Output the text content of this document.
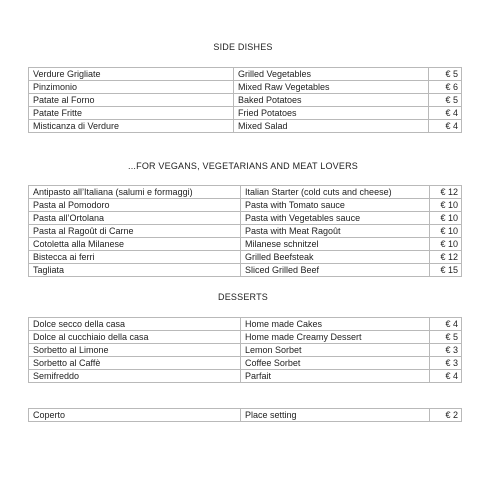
SIDE DISHES
Verdure Grigliate	Grilled Vegetables	€ 5
Pinzimonio	Mixed Raw Vegetables	€ 6
Patate al Forno	Baked Potatoes	€ 5
Patate Fritte	Fried Potatoes	€ 4
Misticanza di Verdure	Mixed Salad	€ 4
...FOR VEGANS, VEGETARIANS AND MEAT LOVERS
Antipasto all’Italiana (salumi e formaggi)	Italian Starter (cold cuts and cheese)	€ 12
Pasta al Pomodoro	Pasta with Tomato sauce	€ 10
Pasta all’Ortolana	Pasta with Vegetables sauce	€ 10
Pasta al Ragoût di Carne	Pasta with Meat Ragoût	€ 10
Cotoletta alla Milanese	Milanese schnitzel	€ 10
Bistecca ai ferri	Grilled Beefsteak	€ 12
Tagliata	Sliced Grilled Beef	€ 15
DESSERTS
Dolce secco della casa	Home made Cakes	€ 4
Dolce al cucchiaio della casa	Home made Creamy Dessert	€ 5
Sorbetto al Limone	Lemon Sorbet	€ 3
Sorbetto al Caffè	Coffee Sorbet	€ 3
Semifreddo	Parfait	€ 4
Coperto	Place setting	€ 2
